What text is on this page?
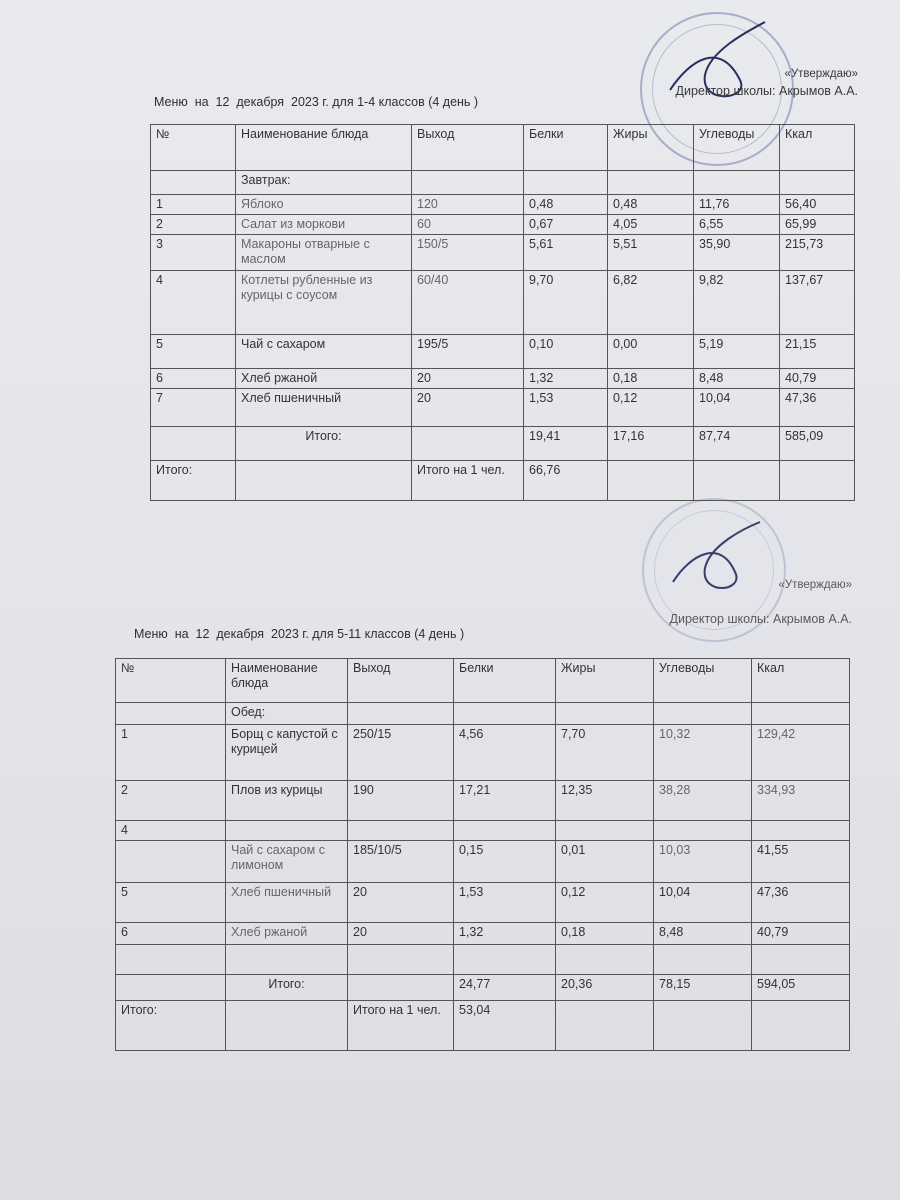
«Утверждаю»
Директор школы: Акрымов А.А.
Меню  на  12  декабря  2023 г. для 1-4 классов (4 день )
№	Наименование блюда	Выход	Белки	Жиры	Углеводы	Ккал
	Завтрак:					
1	Яблоко	120	0,48	0,48	11,76	56,40
2	Салат из моркови	60	0,67	4,05	6,55	65,99
3	Макароны отварные с маслом	150/5	5,61	5,51	35,90	215,73
4	Котлеты рубленные из курицы с соусом	60/40	9,70	6,82	9,82	137,67
5	Чай с сахаром	195/5	0,10	0,00	5,19	21,15
6	Хлеб ржаной	20	1,32	0,18	8,48	40,79
7	Хлеб пшеничный	20	1,53	0,12	10,04	47,36
	Итого:		19,41	17,16	87,74	585,09
Итого:		Итого на 1 чел.	66,76			
«Утверждаю»
Директор школы: Акрымов А.А.
Меню  на  12  декабря  2023 г. для 5-11 классов (4 день )
№	Наименование блюда	Выход	Белки	Жиры	Углеводы	Ккал
	Обед:					
1	Борщ с капустой с курицей	250/15	4,56	7,70	10,32	129,42
2	Плов из курицы	190	17,21	12,35	38,28	334,93
4						
	Чай с сахаром с лимоном	185/10/5	0,15	0,01	10,03	41,55
5	Хлеб пшеничный	20	1,53	0,12	10,04	47,36
6	Хлеб ржаной	20	1,32	0,18	8,48	40,79

	Итого:		24,77	20,36	78,15	594,05
Итого:		Итого на 1 чел.	53,04			
